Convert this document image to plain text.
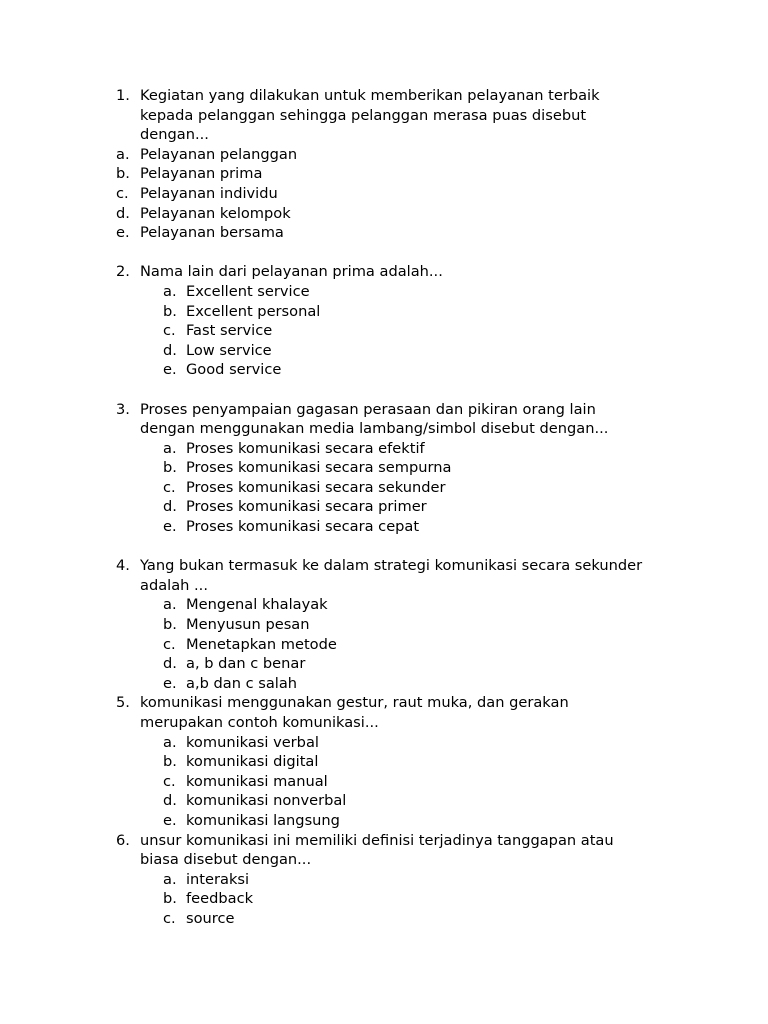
1. Kegiatan yang dilakukan untuk memberikan pelayanan terbaik
kepada pelanggan sehingga pelanggan merasa puas disebut
dengan...
a. Pelayanan pelanggan
b. Pelayanan prima
c. Pelayanan individu
d. Pelayanan kelompok
e. Pelayanan bersama
2. Nama lain dari pelayanan prima adalah...
a. Excellent service
b. Excellent personal
c. Fast service
d. Low service
e. Good service
3. Proses penyampaian gagasan perasaan dan pikiran orang lain
dengan menggunakan media lambang/simbol disebut dengan...
a. Proses komunikasi secara efektif
b. Proses komunikasi secara sempurna
c. Proses komunikasi secara sekunder
d. Proses komunikasi secara primer
e. Proses komunikasi secara cepat
4. Yang bukan termasuk ke dalam strategi komunikasi secara sekunder
adalah ...
a. Mengenal khalayak
b. Menyusun pesan
c. Menetapkan metode
d. a, b dan c benar
e. a,b dan c salah
5. komunikasi menggunakan gestur, raut muka, dan gerakan
merupakan contoh komunikasi...
a. komunikasi verbal
b. komunikasi digital
c. komunikasi manual
d. komunikasi nonverbal
e. komunikasi langsung
6. unsur komunikasi ini memiliki definisi terjadinya tanggapan atau
biasa disebut dengan...
a. interaksi
b. feedback
c. source
